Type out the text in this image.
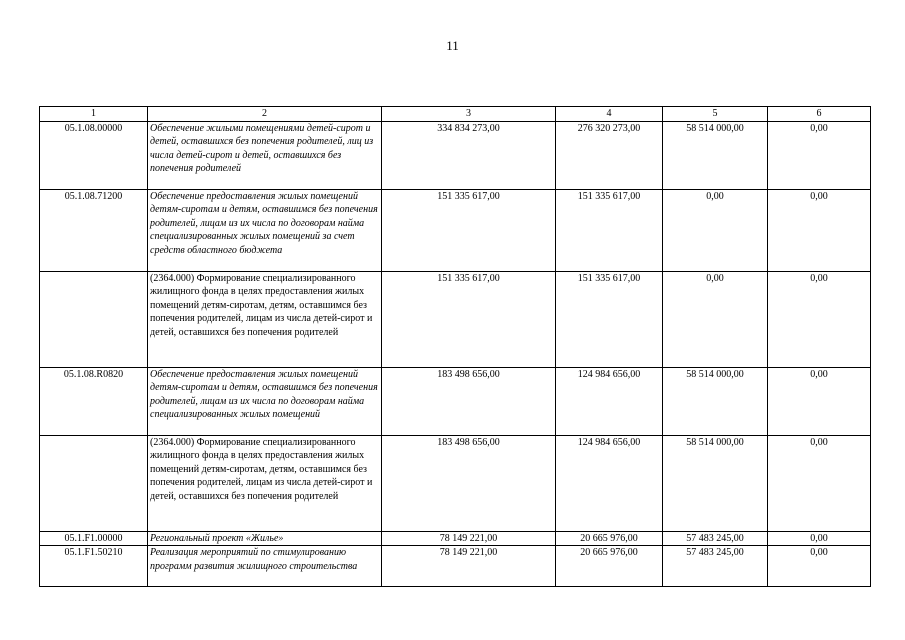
11
1	2	3	4	5	6
05.1.08.00000	Обеспечение жилыми помещениями детей-сирот и детей, оставшихся без попечения родителей, лиц из числа детей-сирот и детей, оставшихся без попечения родителей	334 834 273,00	276 320 273,00	58 514 000,00	0,00
05.1.08.71200	Обеспечение предоставления жилых помещений детям-сиротам и детям, оставшимся без попечения родителей, лицам из их числа по договорам найма специализированных жилых помещений за счет средств областного бюджета	151 335 617,00	151 335 617,00	0,00	0,00
	(2364.000) Формирование специализированного жилищного фонда в целях предоставления жилых помещений детям-сиротам, детям, оставшимся без попечения родителей, лицам из числа детей-сирот и детей, оставшихся без попечения родителей	151 335 617,00	151 335 617,00	0,00	0,00
05.1.08.R0820	Обеспечение предоставления жилых помещений детям-сиротам и детям, оставшимся без попечения родителей, лицам из их числа по договорам найма специализированных жилых помещений	183 498 656,00	124 984 656,00	58 514 000,00	0,00
	(2364.000) Формирование специализированного жилищного фонда в целях предоставления жилых помещений детям-сиротам, детям, оставшимся без попечения родителей, лицам из числа детей-сирот и детей, оставшихся без попечения родителей	183 498 656,00	124 984 656,00	58 514 000,00	0,00
05.1.F1.00000	Региональный проект «Жилье»	78 149 221,00	20 665 976,00	57 483 245,00	0,00
05.1.F1.50210	Реализация мероприятий по стимулированию программ развития жилищного строительства	78 149 221,00	20 665 976,00	57 483 245,00	0,00
